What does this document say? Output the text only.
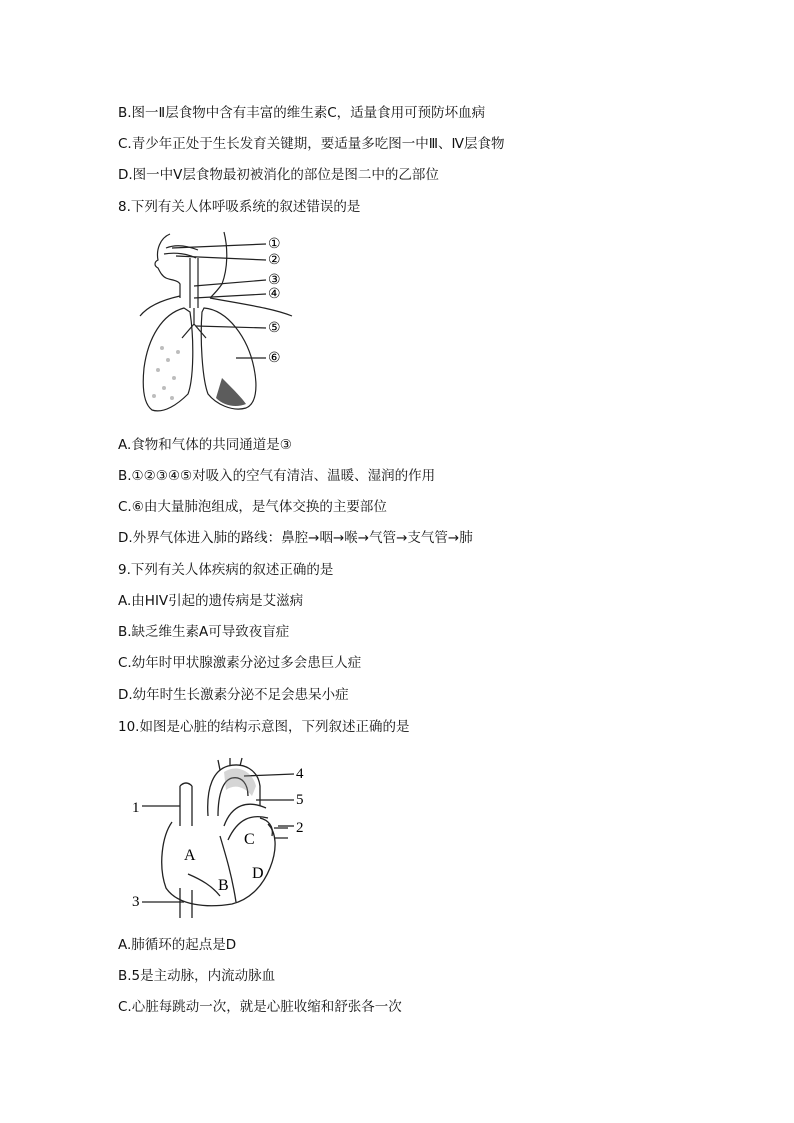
B.图一Ⅱ层食物中含有丰富的维生素C，适量食用可预防坏血病
C.青少年正处于生长发育关键期，要适量多吃图一中Ⅲ、Ⅳ层食物
D.图一中Ⅴ层食物最初被消化的部位是图二中的乙部位
8.下列有关人体呼吸系统的叙述错误的是
①
②
③
④
⑤
⑥
A.食物和气体的共同通道是③
B.①②③④⑤对吸入的空气有清洁、温暖、湿润的作用
C.⑥由大量肺泡组成，是气体交换的主要部位
D.外界气体进入肺的路线：鼻腔→咽→喉→气管→支气管→肺
9.下列有关人体疾病的叙述正确的是
A.由HIV引起的遗传病是艾滋病
B.缺乏维生素A可导致夜盲症
C.幼年时甲状腺激素分泌过多会患巨人症
D.幼年时生长激素分泌不足会患呆小症
10.如图是心脏的结构示意图，下列叙述正确的是
1
2
3
4
5
A
B
C
D
A.肺循环的起点是D
B.5是主动脉，内流动脉血
C.心脏每跳动一次，就是心脏收缩和舒张各一次
